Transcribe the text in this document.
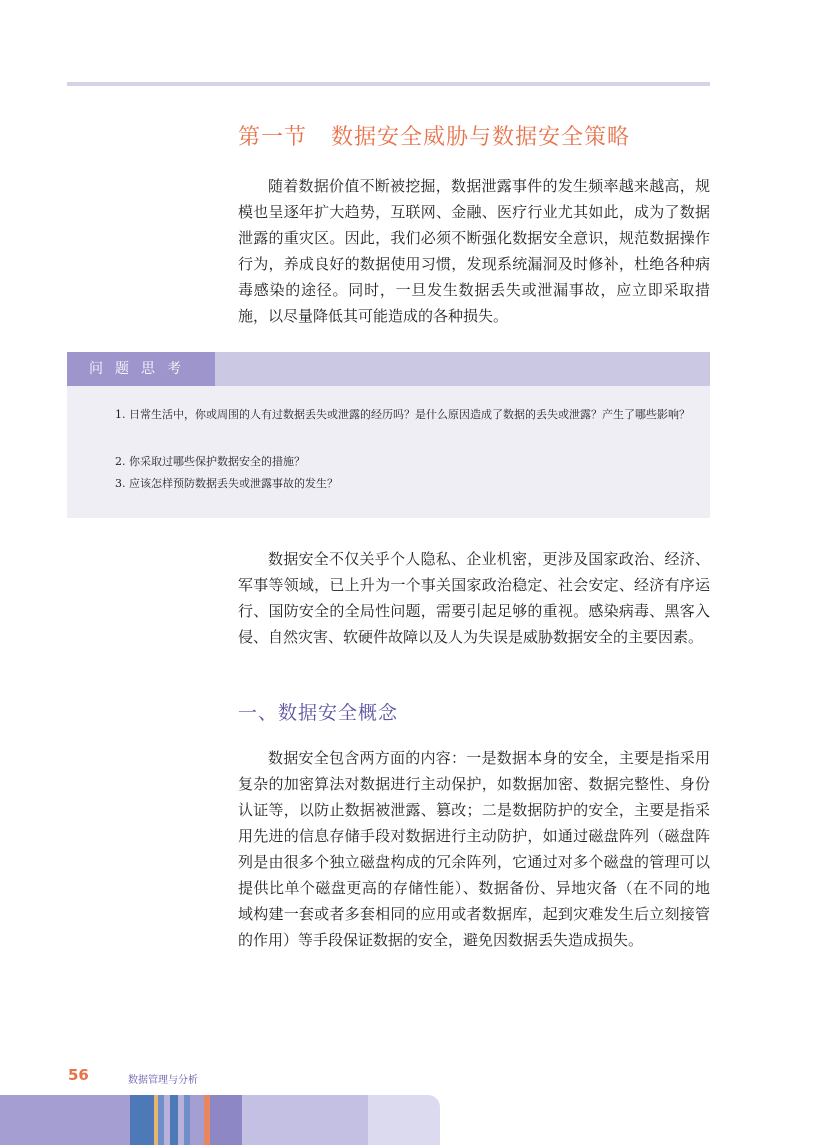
第一节 数据安全威胁与数据安全策略

随着数据价值不断被挖掘，数据泄露事件的发生频率越来越高，规模也呈逐年扩大趋势，互联网、金融、医疗行业尤其如此，成为了数据泄露的重灾区。因此，我们必须不断强化数据安全意识，规范数据操作行为，养成良好的数据使用习惯，发现系统漏洞及时修补，杜绝各种病毒感染的途径。同时，一旦发生数据丢失或泄漏事故，应立即采取措施，以尽量降低其可能造成的各种损失。

问题思考

1. 日常生活中，你或周围的人有过数据丢失或泄露的经历吗？是什么原因造成了数据的丢失或泄露？产生了哪些影响？

2. 你采取过哪些保护数据安全的措施？

3. 应该怎样预防数据丢失或泄露事故的发生？

数据安全不仅关乎个人隐私、企业机密，更涉及国家政治、经济、军事等领域，已上升为一个事关国家政治稳定、社会安定、经济有序运行、国防安全的全局性问题，需要引起足够的重视。感染病毒、黑客入侵、自然灾害、软硬件故障以及人为失误是威胁数据安全的主要因素。

一、数据安全概念

数据安全包含两方面的内容：一是数据本身的安全，主要是指采用复杂的加密算法对数据进行主动保护，如数据加密、数据完整性、身份认证等，以防止数据被泄露、篡改；二是数据防护的安全，主要是指采用先进的信息存储手段对数据进行主动防护，如通过磁盘阵列（磁盘阵列是由很多个独立磁盘构成的冗余阵列，它通过对多个磁盘的管理可以提供比单个磁盘更高的存储性能）、数据备份、异地灾备（在不同的地域构建一套或者多套相同的应用或者数据库，起到灾难发生后立刻接管的作用）等手段保证数据的安全，避免因数据丢失造成损失。

56	数据管理与分析
